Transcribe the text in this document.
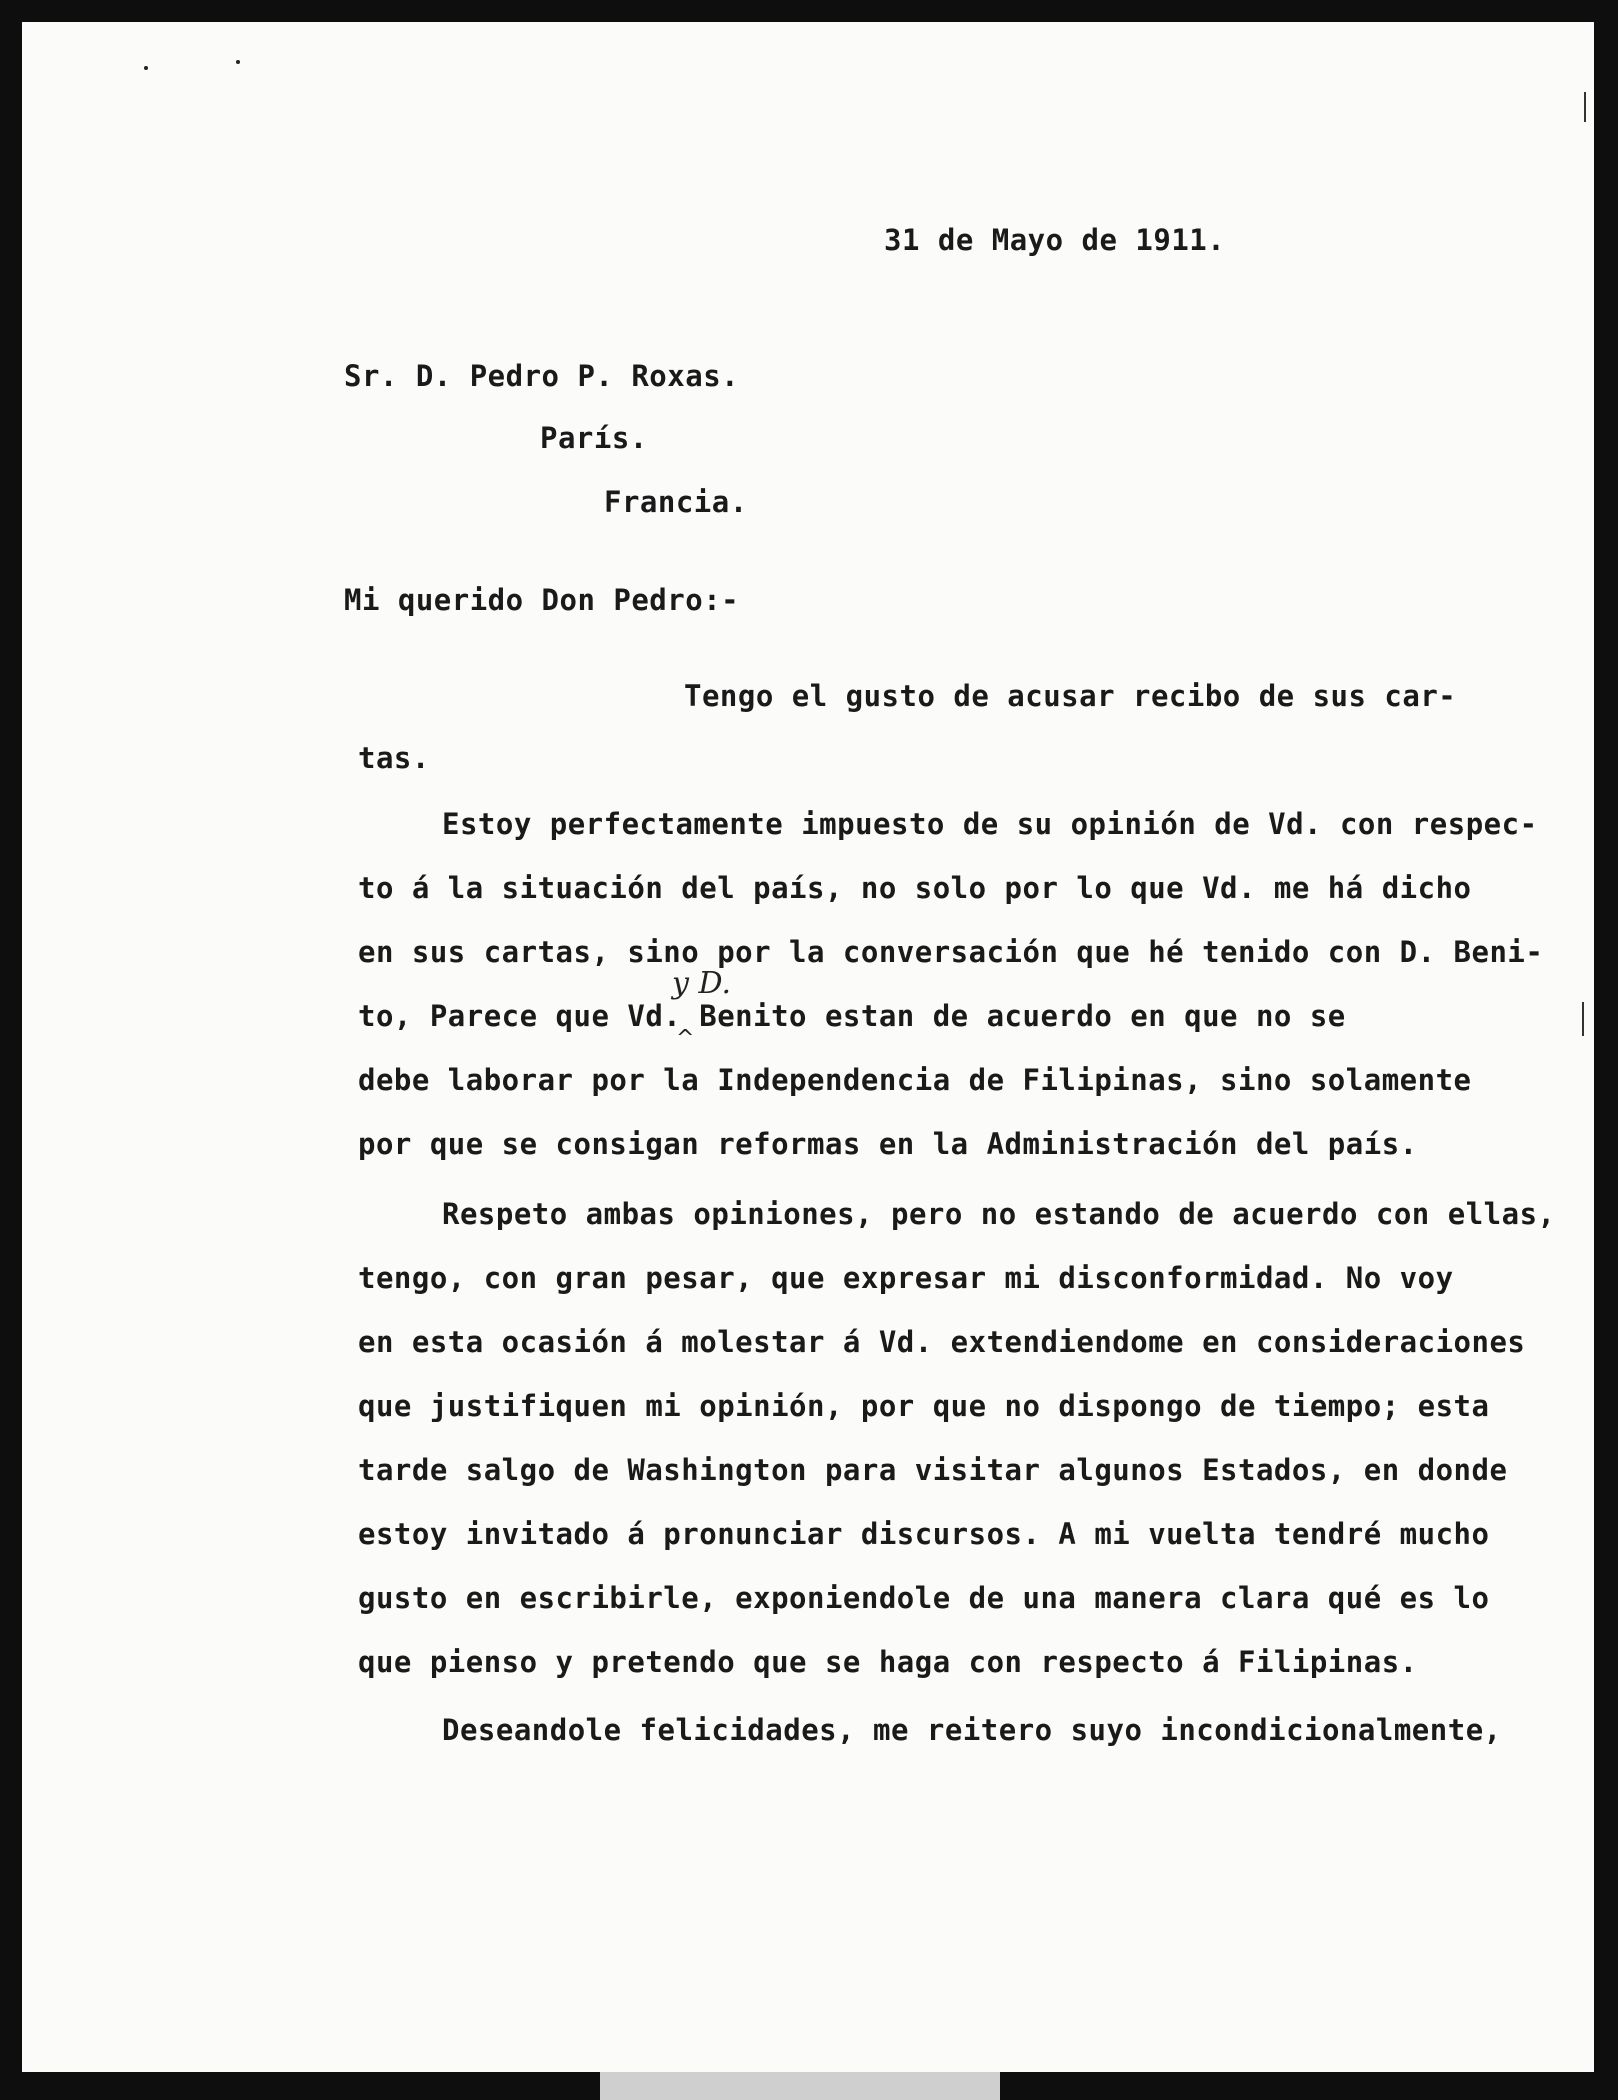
31 de Mayo de 1911.
Sr. D. Pedro P. Roxas.
París.
Francia.
Mi querido Don Pedro:-
Tengo el gusto de acusar recibo de sus car-
tas.
Estoy perfectamente impuesto de su opinión de Vd. con respec-
to á la situación del país, no solo por lo que Vd. me há dicho
en sus cartas, sino por la conversación que hé tenido con D. Beni-
y D.
^
to, Parece que Vd. Benito estan de acuerdo en que no se
debe laborar por la Independencia de Filipinas, sino solamente
por que se consigan reformas en la Administración del país.
Respeto ambas opiniones, pero no estando de acuerdo con ellas,
tengo, con gran pesar, que expresar mi disconformidad. No voy
en esta ocasión á molestar á Vd. extendiendome en consideraciones
que justifiquen mi opinión, por que no dispongo de tiempo; esta
tarde salgo de Washington para visitar algunos Estados, en donde
estoy invitado á pronunciar discursos. A mi vuelta tendré mucho
gusto en escribirle, exponiendole de una manera clara qué es lo
que pienso y pretendo que se haga con respecto á Filipinas.
Deseandole felicidades, me reitero suyo incondicionalmente,
